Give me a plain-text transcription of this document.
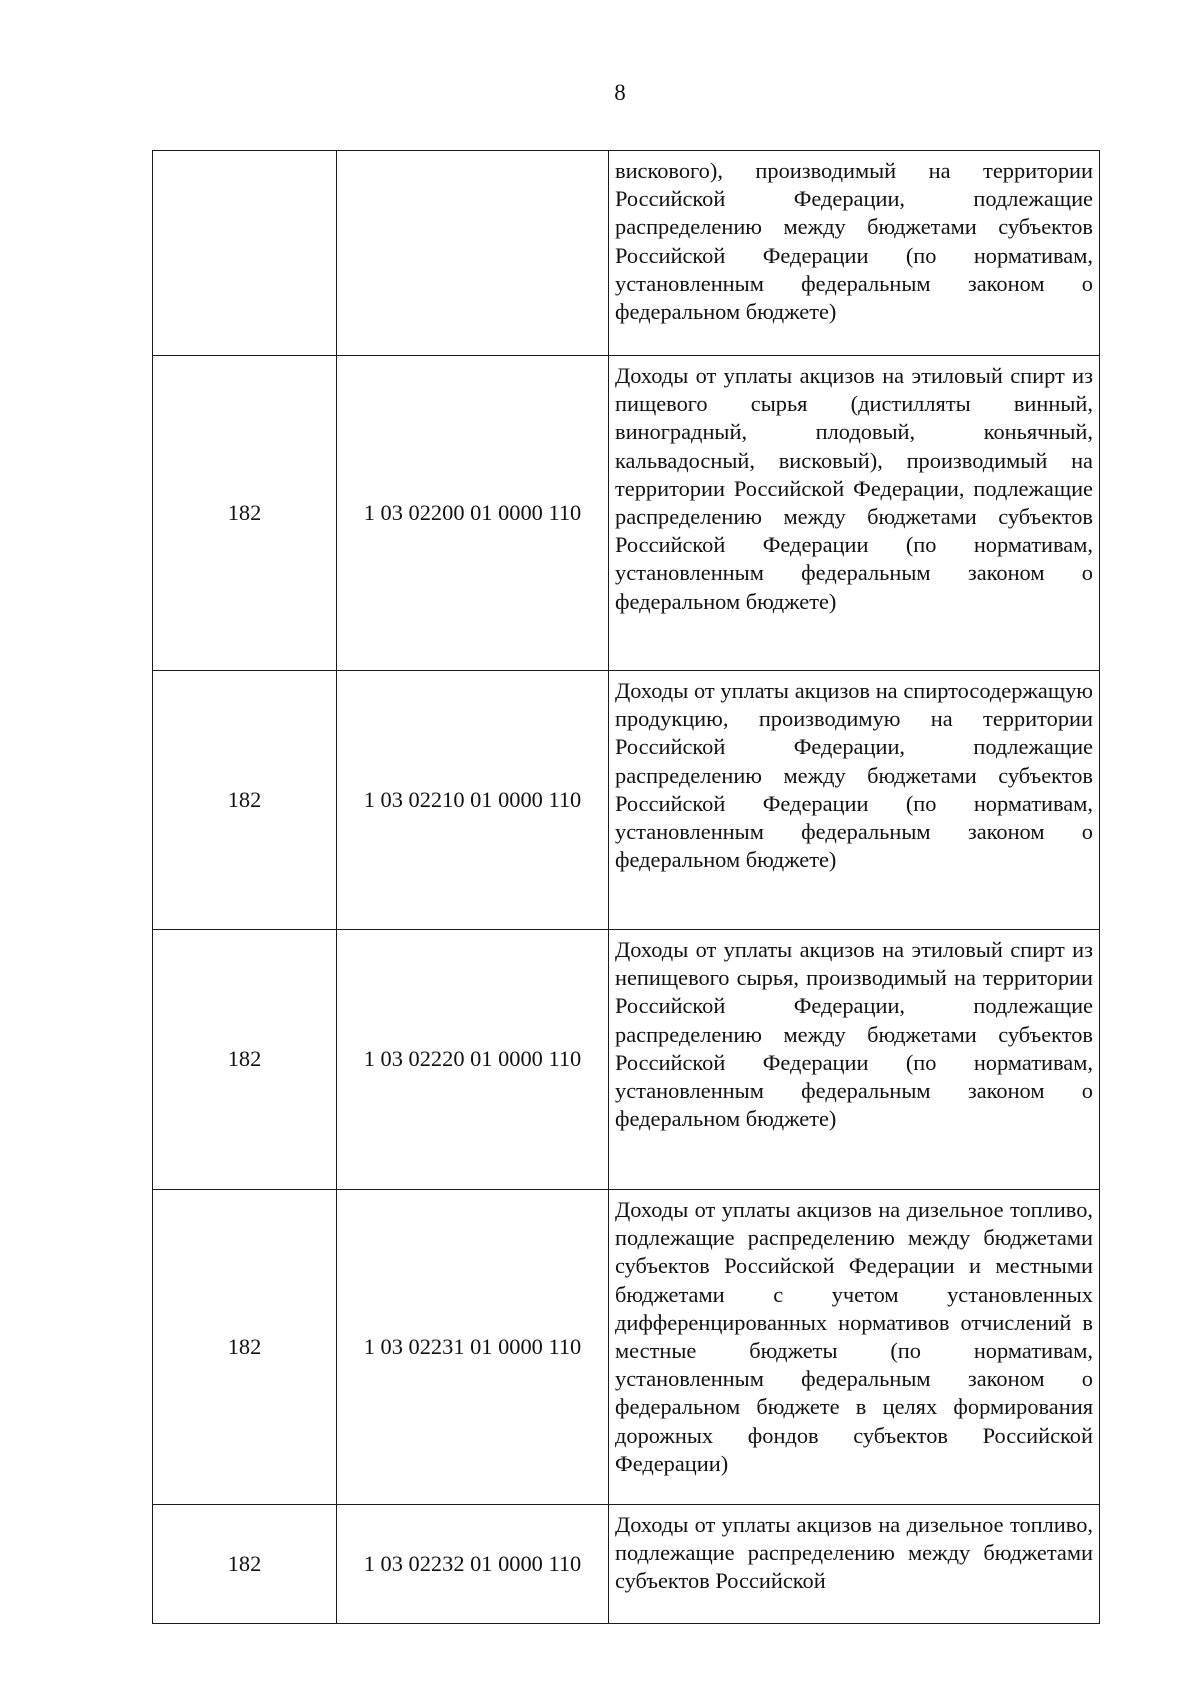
8

		вискового), производимый на территории Российской Федерации, подлежащие распределению между бюджетами субъектов Российской Федерации (по нормативам, установленным федеральным законом о федеральном бюджете)

182	1 03 02200 01 0000 110	Доходы от уплаты акцизов на этиловый спирт из пищевого сырья (дистилляты винный, виноградный, плодовый, коньячный, кальвадосный, висковый), производимый на территории Российской Федерации, подлежащие распределению между бюджетами субъектов Российской Федерации (по нормативам, установленным федеральным законом о федеральном бюджете)

182	1 03 02210 01 0000 110	Доходы от уплаты акцизов на спиртосодержащую продукцию, производимую на территории Российской Федерации, подлежащие распределению между бюджетами субъектов Российской Федерации (по нормативам, установленным федеральным законом о федеральном бюджете)

182	1 03 02220 01 0000 110	Доходы от уплаты акцизов на этиловый спирт из непищевого сырья, производимый на территории Российской Федерации, подлежащие распределению между бюджетами субъектов Российской Федерации (по нормативам, установленным федеральным законом о федеральном бюджете)

182	1 03 02231 01 0000 110	Доходы от уплаты акцизов на дизельное топливо, подлежащие распределению между бюджетами субъектов Российской Федерации и местными бюджетами с учетом установленных дифференцированных нормативов отчислений в местные бюджеты (по нормативам, установленным федеральным законом о федеральном бюджете в целях формирования дорожных фондов субъектов Российской Федерации)

182	1 03 02232 01 0000 110	Доходы от уплаты акцизов на дизельное топливо, подлежащие распределению между бюджетами субъектов Российской
